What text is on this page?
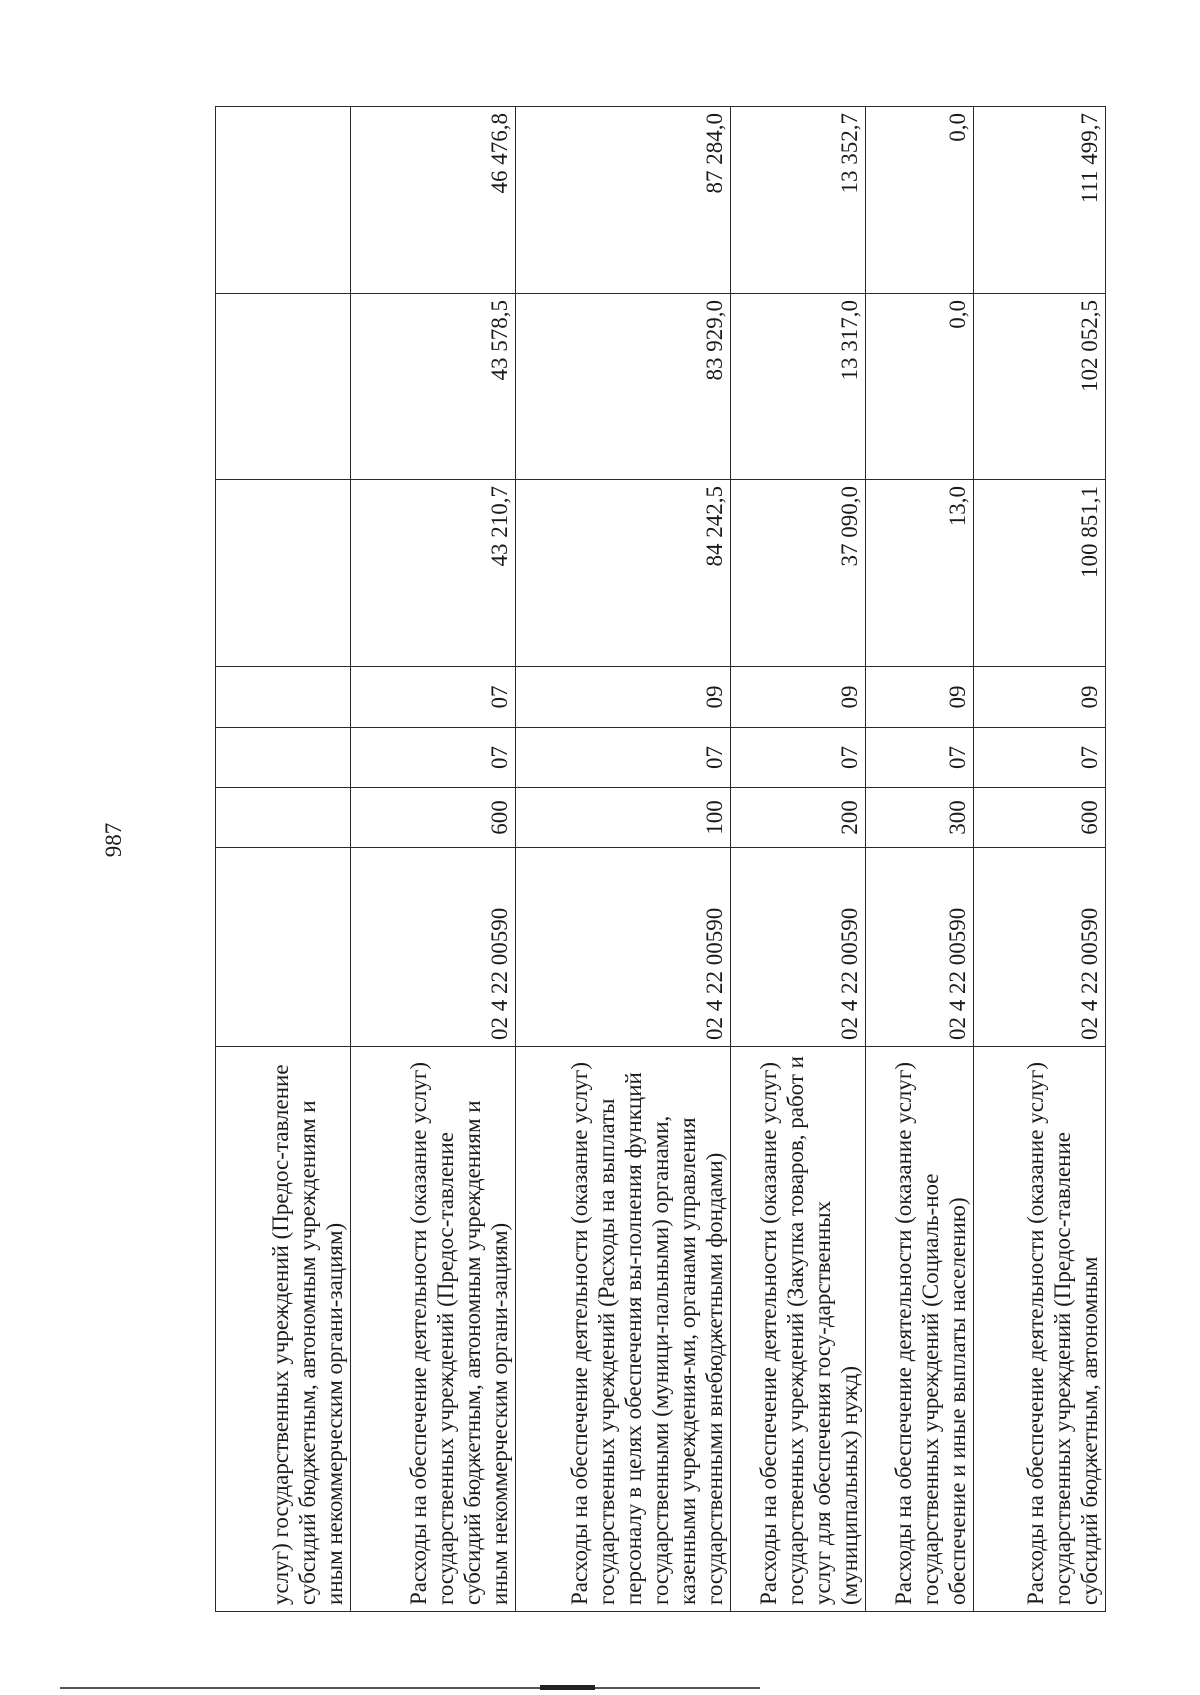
987
услуг) государственных учреждений (Предос-тавление субсидий бюджетным, автономным учреждениям и иным некоммерческим органи-зациям)							
Расходы на обеспечение деятельности (оказание услуг) государственных учреждений (Предос-тавление субсидий бюджетным, автономным учреждениям и иным некоммерческим органи-зациям)	02 4 22 00590	600	07	07	43 210,7	43 578,5	46 476,8
Расходы на обеспечение деятельности (оказание услуг) государственных учреждений (Расходы на выплаты персоналу в целях обеспечения вы-полнения функций государственными (муници-пальными) органами, казенными учреждения-ми, органами управления государственными внебюджетными фондами)	02 4 22 00590	100	07	09	84 242,5	83 929,0	87 284,0
Расходы на обеспечение деятельности (оказание услуг) государственных учреждений (Закупка товаров, работ и услуг для обеспечения госу-дарственных (муниципальных) нужд)	02 4 22 00590	200	07	09	37 090,0	13 317,0	13 352,7
Расходы на обеспечение деятельности (оказание услуг) государственных учреждений (Социаль-ное обеспечение и иные выплаты населению)	02 4 22 00590	300	07	09	13,0	0,0	0,0
Расходы на обеспечение деятельности (оказание услуг) государственных учреждений (Предос-тавление субсидий бюджетным, автономным	02 4 22 00590	600	07	09	100 851,1	102 052,5	111 499,7
